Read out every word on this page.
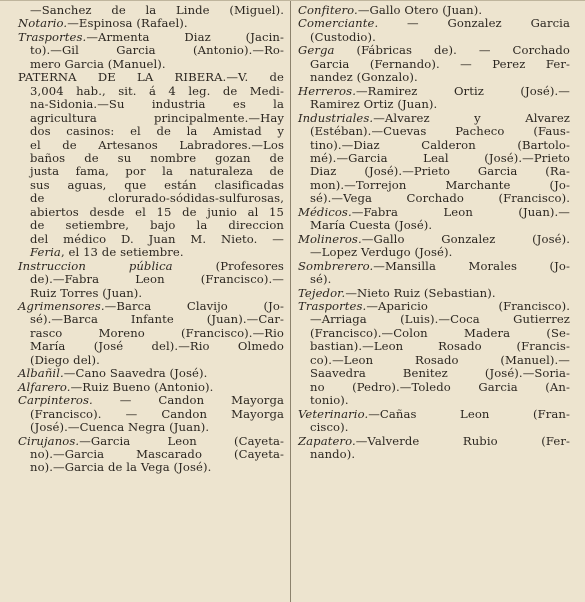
—Sanchez de la Linde (Miguel).
Notario.—Espinosa (Rafael).
Trasportes.—Armenta Diaz (Jacin-
to).—Gil Garcia (Antonio).—Ro-
mero Garcia (Manuel).
PATERNA DE LA RIBERA.—V. de
3,004 hab., sit. á 4 leg. de Medi-
na-Sidonia.—Su industria es la
agricultura principalmente.—Hay
dos casinos: el de la Amistad y
el de Artesanos Labradores.—Los
baños de su nombre gozan de
justa fama, por la naturaleza de
sus aguas, que están clasificadas
de clorurado-sódidas-sulfurosas,
abiertos desde el 15 de junio al 15
de setiembre, bajo la direccion
del médico D. Juan M. Nieto. —
Feria, el 13 de setiembre.
Instruccion pública (Profesores
de).—Fabra Leon (Francisco).—
Ruiz Torres (Juan).
Agrimensores.—Barca Clavijo (Jo-
sé).—Barca Infante (Juan).—Car-
rasco Moreno (Francisco).—Rio
María (José del).—Rio Olmedo
(Diego del).
Albañil.—Cano Saavedra (José).
Alfarero.—Ruiz Bueno (Antonio).
Carpinteros. — Candon Mayorga
(Francisco). — Candon Mayorga
(José).—Cuenca Negra (Juan).
Cirujanos.—Garcia Leon (Cayeta-
no).—Garcia Mascarado (Cayeta-
no).—Garcia de la Vega (José).
Confitero.—Gallo Otero (Juan).
Comerciante. — Gonzalez Garcia
(Custodio).
Gerga (Fábricas de). — Corchado
Garcia (Fernando). — Perez Fer-
nandez (Gonzalo).
Herreros.—Ramirez Ortiz (José).—
Ramirez Ortiz (Juan).
Industriales.—Alvarez y Alvarez
(Estéban).—Cuevas Pacheco (Faus-
tino).—Diaz Calderon (Bartolo-
mé).—Garcia Leal (José).—Prieto
Diaz (José).—Prieto Garcia (Ra-
mon).—Torrejon Marchante (Jo-
sé).—Vega Corchado (Francisco).
Médicos.—Fabra Leon (Juan).—
María Cuesta (José).
Molineros.—Gallo Gonzalez (José).
—Lopez Verdugo (José).
Sombrerero.—Mansilla Morales (Jo-
sé).
Tejedor.—Nieto Ruiz (Sebastian).
Trasportes.—Aparicio (Francisco).
—Arriaga (Luis).—Coca Gutierrez
(Francisco).—Colon Madera (Se-
bastian).—Leon Rosado (Francis-
co).—Leon Rosado (Manuel).—
Saavedra Benitez (José).—Soria-
no (Pedro).—Toledo Garcia (An-
tonio).
Veterinario.—Cañas Leon (Fran-
cisco).
Zapatero.—Valverde Rubio (Fer-
nando).
